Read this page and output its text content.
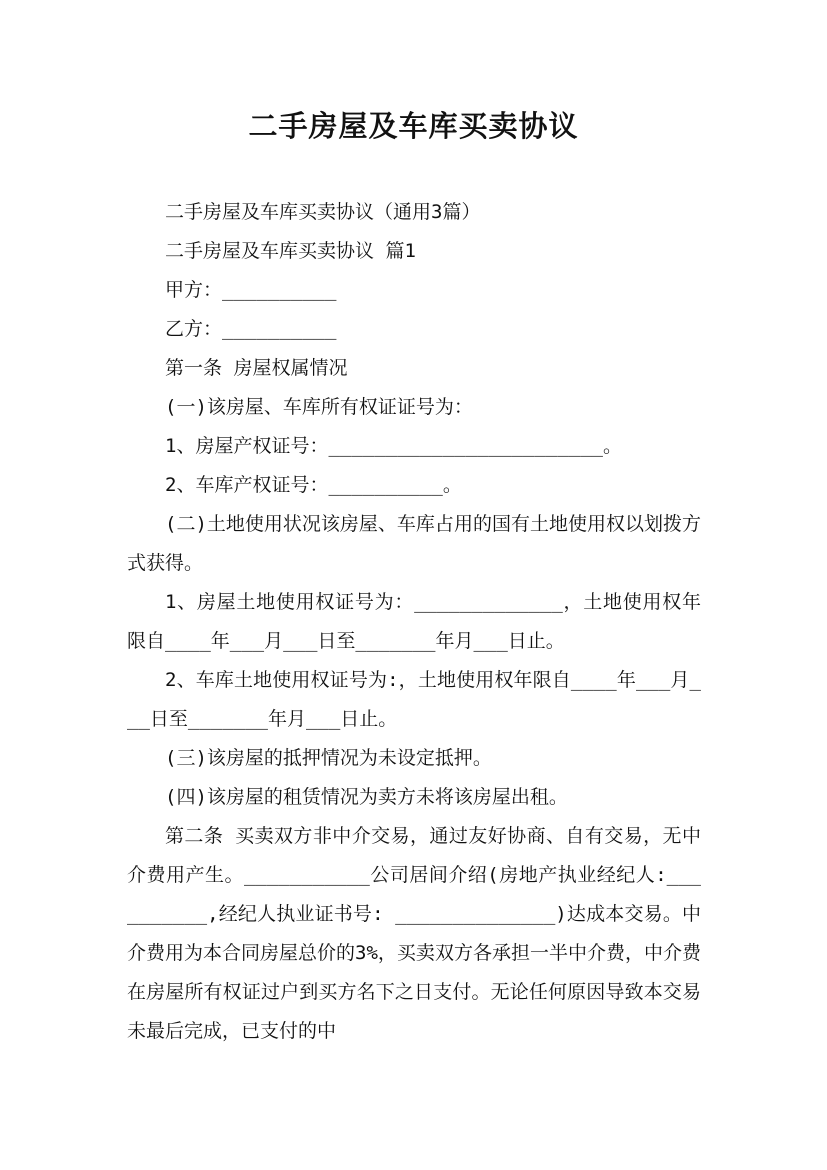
二手房屋及车库买卖协议

二手房屋及车库买卖协议（通用3篇）

二手房屋及车库买卖协议 篇1

甲方：__________

乙方：__________

第一条 房屋权属情况

(一)该房屋、车库所有权证证号为：

1、房屋产权证号：________________________。

2、车库产权证号：__________。

(二)土地使用状况该房屋、车库占用的国有土地使用权以划拨方式获得。

1、房屋土地使用权证号为：_____________，土地使用权年限自____年___月___日至_______年月___日止。

2、车库土地使用权证号为:，土地使用权年限自____年___月___日至_______年月___日止。

(三)该房屋的抵押情况为未设定抵押。

(四)该房屋的租赁情况为卖方未将该房屋出租。

第二条 买卖双方非中介交易，通过友好协商、自有交易，无中介费用产生。___________公司居间介绍(房地产执业经纪人:__________,经纪人执业证书号: ______________)达成本交易。中介费用为本合同房屋总价的3%，买卖双方各承担一半中介费，中介费在房屋所有权证过户到买方名下之日支付。无论任何原因导致本交易未最后完成，已支付的中
